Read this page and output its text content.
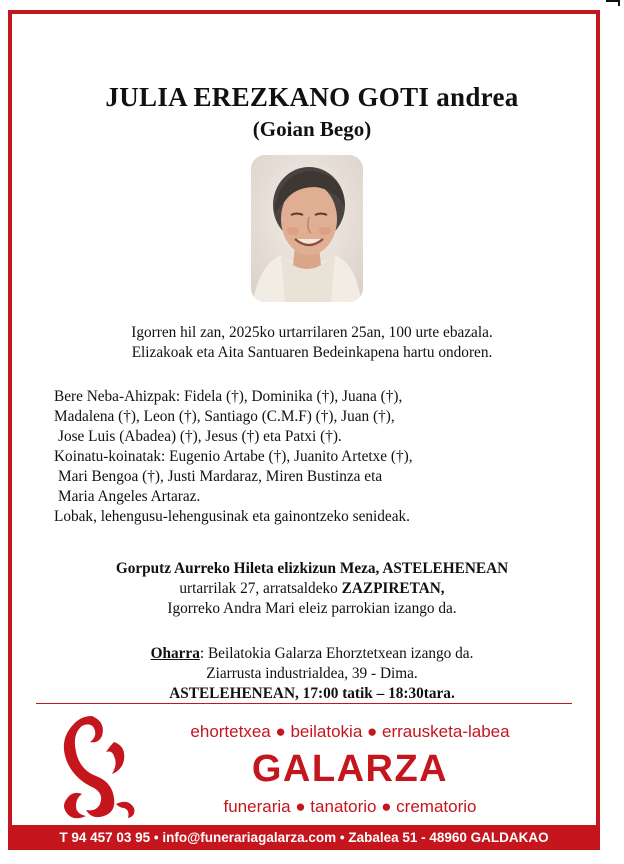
JULIA EREZKANO GOTI andrea
(Goian Bego)
Igorren hil zan, 2025ko urtarrilaren 25an, 100 urte ebazala.
Elizakoak eta Aita Santuaren Bedeinkapena hartu ondoren.
Bere Neba-Ahizpak: Fidela (†), Dominika (†), Juana (†),
Madalena (†), Leon (†), Santiago (C.M.F) (†), Juan (†),
Jose Luis (Abadea) (†), Jesus (†) eta Patxi (†).
Koinatu-koinatak: Eugenio Artabe (†), Juanito Artetxe (†),
Mari Bengoa (†), Justi Mardaraz, Miren Bustinza eta
Maria Angeles Artaraz.
Lobak, lehengusu-lehengusinak eta gainontzeko senideak.
Gorputz Aurreko Hileta elizkizun Meza, ASTELEHENEAN
urtarrilak 27, arratsaldeko ZAZPIRETAN,
Igorreko Andra Mari eleiz parrokian izango da.
Oharra: Beilatokia Galarza Ehorztetxean izango da.
Ziarrusta industrialdea, 39 - Dima.
ASTELEHENEAN, 17:00 tatik – 18:30tara.
ehortetxea ● beilatokia ● errausketa-labea
GALARZA
funeraria ● tanatorio ● crematorio
T 94 457 03 95 • info@funerariagalarza.com • Zabalea 51 - 48960 GALDAKAO
